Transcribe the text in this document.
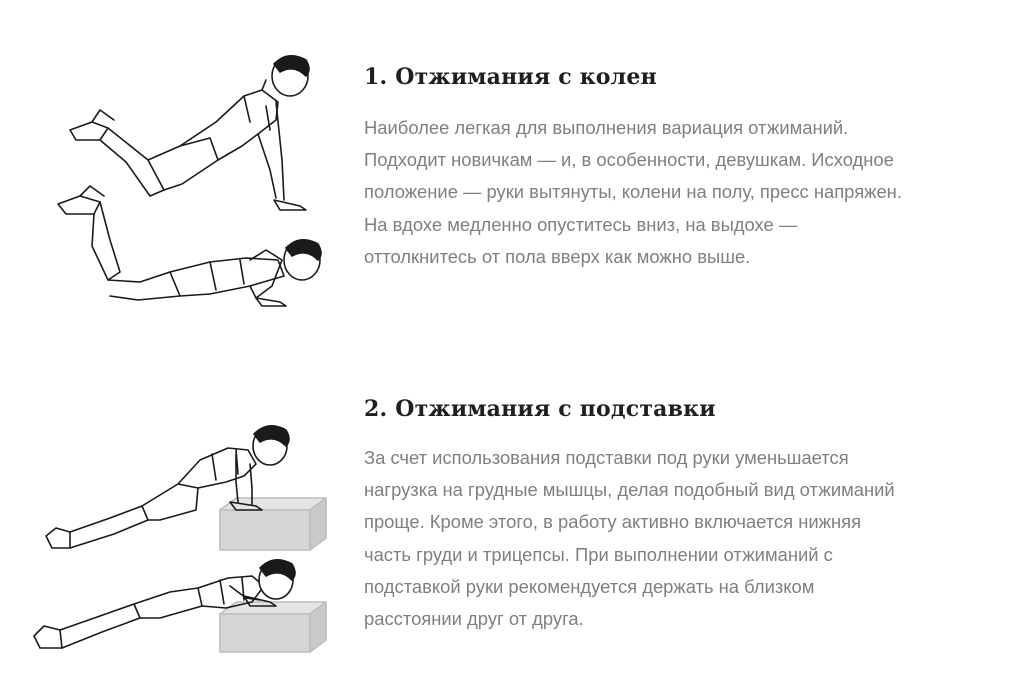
1. Отжимания с колен

Наиболее легкая для выполнения вариация отжиманий.
Подходит новичкам — и, в особенности, девушкам. Исходное
положение — руки вытянуты, колени на полу, пресс напряжен.
На вдохе медленно опуститесь вниз, на выдохе —
оттолкнитесь от пола вверх как можно выше.

2. Отжимания с подставки

За счет использования подставки под руки уменьшается
нагрузка на грудные мышцы, делая подобный вид отжиманий
проще. Кроме этого, в работу активно включается нижняя
часть груди и трицепсы. При выполнении отжиманий с
подставкой руки рекомендуется держать на близком
расстоянии друг от друга.
